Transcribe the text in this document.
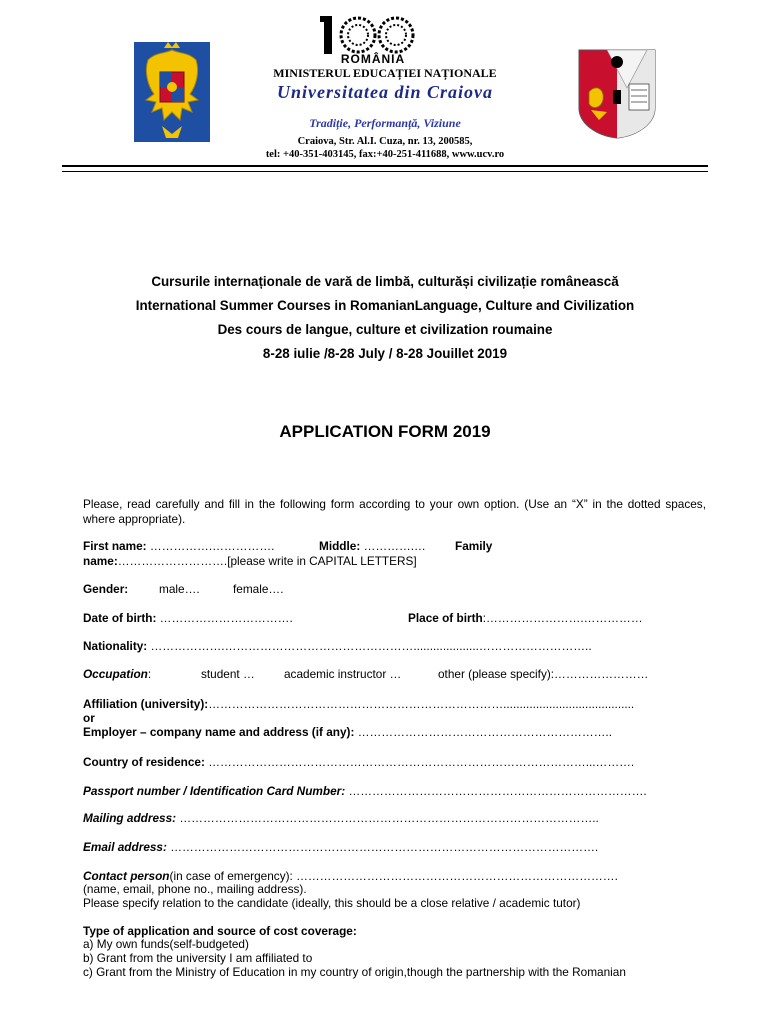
ROMÂNIA
MINISTERUL EDUCAȚIEI NAȚIONALE
Universitatea din Craiova
Tradiție, Performanță, Viziune
Craiova, Str. Al.I. Cuza, nr. 13, 200585,
tel: +40-351-403145, fax:+40-251-411688, www.ucv.ro
Cursurile internaționale de vară de limbă, culturăși civilizație românească
International Summer Courses in RomanianLanguage, Culture and Civilization
Des cours de langue, culture et civilization roumaine
8-28 iulie /8-28 July / 8-28 Jouillet 2019
APPLICATION FORM 2019
Please, read carefully and fill in the following form according to your own option. (Use an “X” in the dotted spaces, where appropriate).
First name: …………….…………….	Middle: ………….… Family
name:……………………….[please write in CAPITAL LETTERS]
Gender:	male….	female….
Date of birth: …………………………….	Place of birth:…………………….……………
Nationality: ……………….…………………………………………....................………………………..
Occupation:	student … academic instructor …	other (please specify):……………………
Affiliation (university):…………………………………………………………………........................................
or
Employer – company name and address (if any): ………………………………………………………..
Country of residence: ……………………………………………………………………………………...……….
Passport number / Identification Card Number: ………………………………………………………………….
Mailing address: ……………………………………………………………………………………………..
Email address: ……………………………………………………………………………………………….
Contact person(in case of emergency): ……………………………………………………………………….
(name, email, phone no., mailing address).
Please specify relation to the candidate (ideally, this should be a close relative / academic tutor)
Type of application and source of cost coverage:
a) My own funds(self-budgeted)
b) Grant from the university I am affiliated to
c) Grant from the Ministry of Education in my country of origin,though the partnership with the Romanian
